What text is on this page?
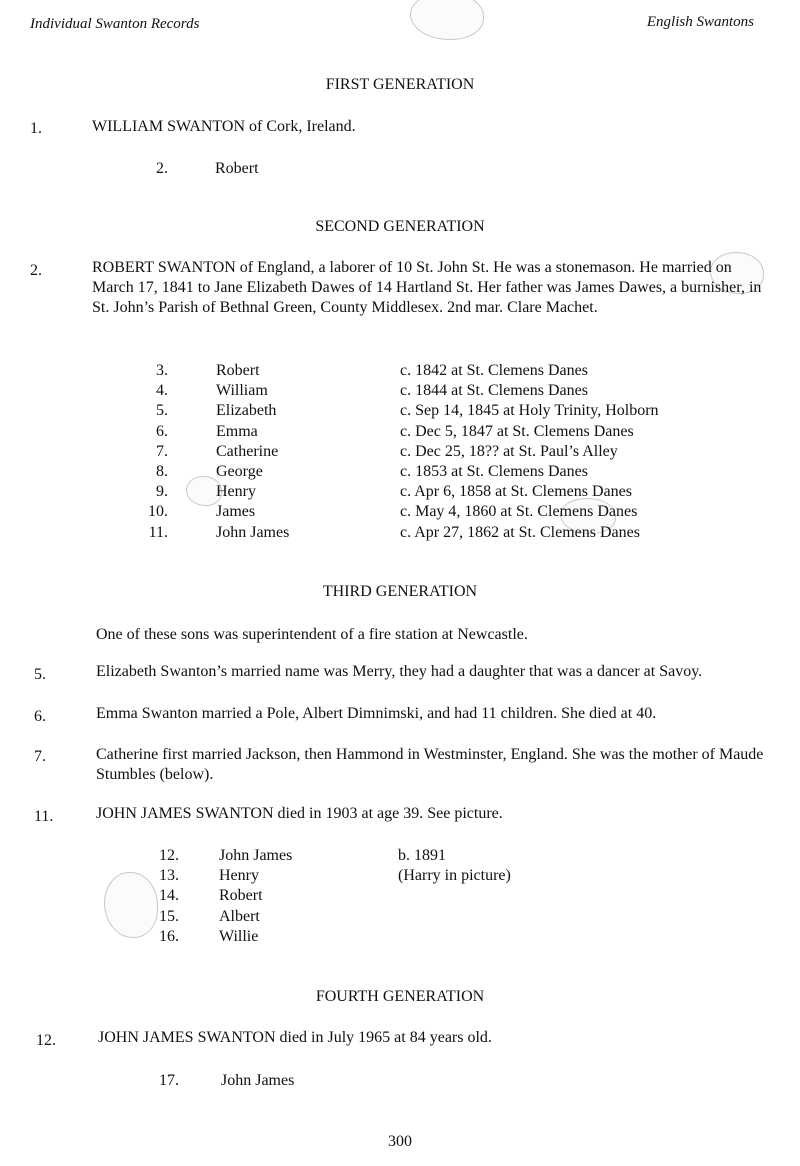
Individual Swanton Records	English Swantons
FIRST GENERATION
1.	WILLIAM SWANTON of Cork, Ireland.
2.	Robert
SECOND GENERATION
2.	ROBERT SWANTON of England, a laborer of 10 St. John St. He was a stonemason. He married on March 17, 1841 to Jane Elizabeth Dawes of 14 Hartland St. Her father was James Dawes, a burnisher, in St. John’s Parish of Bethnal Green, County Middlesex. 2nd mar. Clare Machet.
3.	Robert	c. 1842 at St. Clemens Danes
4.	William	c. 1844 at St. Clemens Danes
5.	Elizabeth	c. Sep 14, 1845 at Holy Trinity, Holborn
6.	Emma	c. Dec 5, 1847 at St. Clemens Danes
7.	Catherine	c. Dec 25, 18?? at St. Paul’s Alley
8.	George	c. 1853 at St. Clemens Danes
9.	Henry	c. Apr 6, 1858 at St. Clemens Danes
10.	James	c. May 4, 1860 at St. Clemens Danes
11.	John James	c. Apr 27, 1862 at St. Clemens Danes
THIRD GENERATION
One of these sons was superintendent of a fire station at Newcastle.
5.	Elizabeth Swanton’s married name was Merry, they had a daughter that was a dancer at Savoy.
6.	Emma Swanton married a Pole, Albert Dimnimski, and had 11 children. She died at 40.
7.	Catherine first married Jackson, then Hammond in Westminster, England. She was the mother of Maude Stumbles (below).
11.	JOHN JAMES SWANTON died in 1903 at age 39. See picture.
12.	John James	b. 1891
13.	Henry	(Harry in picture)
14.	Robert
15.	Albert
16.	Willie
FOURTH GENERATION
12.	JOHN JAMES SWANTON died in July 1965 at 84 years old.
17.	John James
300
